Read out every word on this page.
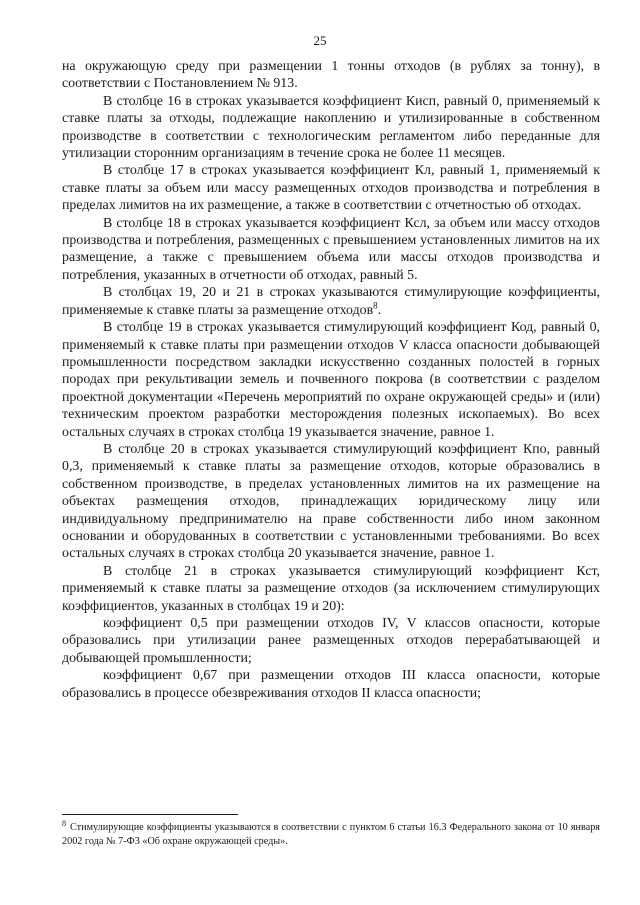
25

на окружающую среду при размещении 1 тонны отходов (в рублях за тонну), в соответствии с Постановлением № 913.

В столбце 16 в строках указывается коэффициент Кисп, равный 0, применяемый к ставке платы за отходы, подлежащие накоплению и утилизированные в собственном производстве в соответствии с технологическим регламентом либо переданные для утилизации сторонним организациям в течение срока не более 11 месяцев.

В столбце 17 в строках указывается коэффициент Кл, равный 1, применяемый к ставке платы за объем или массу размещенных отходов производства и потребления в пределах лимитов на их размещение, а также в соответствии с отчетностью об отходах.

В столбце 18 в строках указывается коэффициент Ксл, за объем или массу отходов производства и потребления, размещенных с превышением установленных лимитов на их размещение, а также с превышением объема или массы отходов производства и потребления, указанных в отчетности об отходах, равный 5.

В столбцах 19, 20 и 21 в строках указываются стимулирующие коэффициенты, применяемые к ставке платы за размещение отходов$^8$.

В столбце 19 в строках указывается стимулирующий коэффициент Код, равный 0, применяемый к ставке платы при размещении отходов V класса опасности добывающей промышленности посредством закладки искусственно созданных полостей в горных породах при рекультивации земель и почвенного покрова (в соответствии с разделом проектной документации «Перечень мероприятий по охране окружающей среды» и (или) техническим проектом разработки месторождения полезных ископаемых). Во всех остальных случаях в строках столбца 19 указывается значение, равное 1.

В столбце 20 в строках указывается стимулирующий коэффициент Кпо, равный 0,3, применяемый к ставке платы за размещение отходов, которые образовались в собственном производстве, в пределах установленных лимитов на их размещение на объектах размещения отходов, принадлежащих юридическому лицу или индивидуальному предпринимателю на праве собственности либо ином законном основании и оборудованных в соответствии с установленными требованиями. Во всех остальных случаях в строках столбца 20 указывается значение, равное 1.

В столбце 21 в строках указывается стимулирующий коэффициент Кст, применяемый к ставке платы за размещение отходов (за исключением стимулирующих коэффициентов, указанных в столбцах 19 и 20):

коэффициент 0,5 при размещении отходов IV, V классов опасности, которые образовались при утилизации ранее размещенных отходов перерабатывающей и добывающей промышленности;

коэффициент 0,67 при размещении отходов III класса опасности, которые образовались в процессе обезвреживания отходов II класса опасности;

$^8$ Стимулирующие коэффициенты указываются в соответствии с пунктом 6 статьи 16.3 Федерального закона от 10 января 2002 года № 7-ФЗ «Об охране окружающей среды».
